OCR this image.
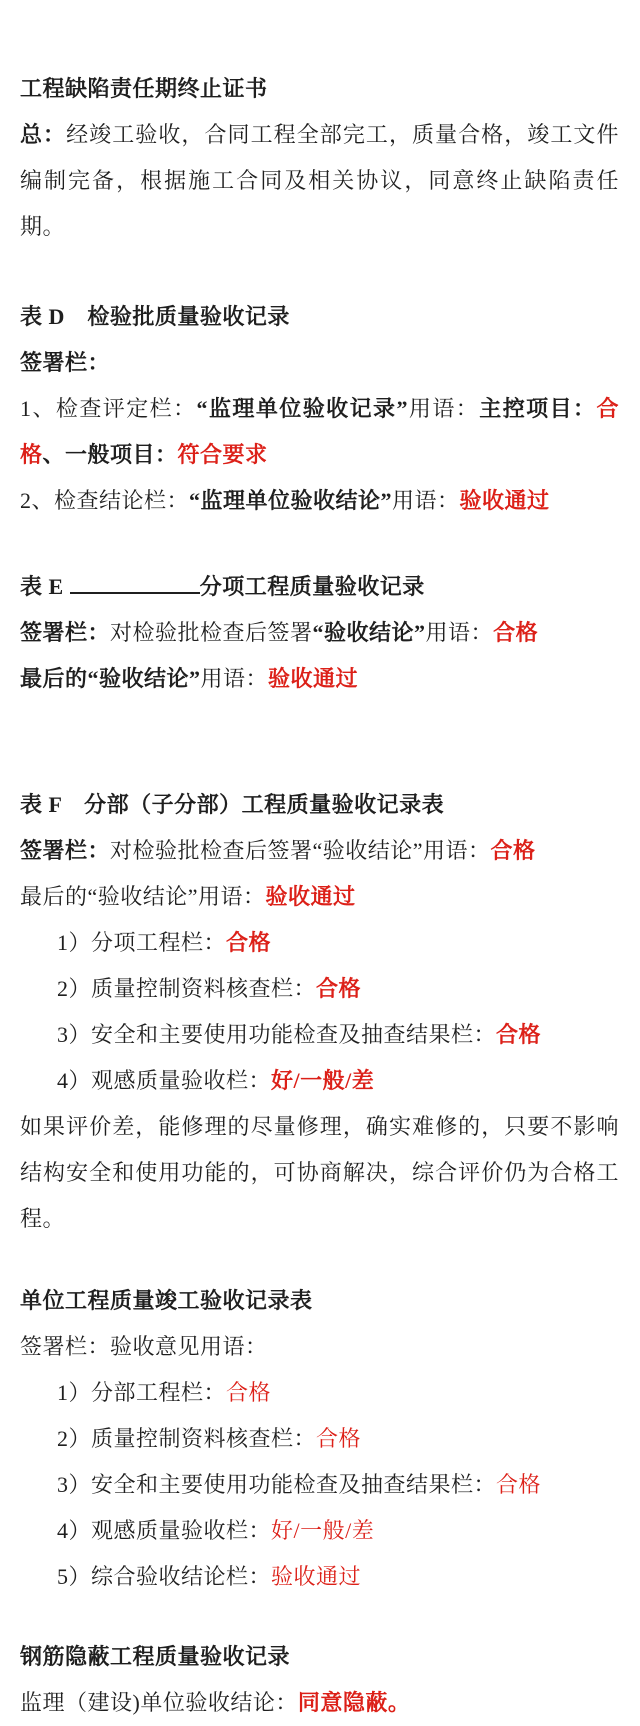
工程缺陷责任期终止证书
总：经竣工验收，合同工程全部完工，质量合格，竣工文件编制完备，根据施工合同及相关协议，同意终止缺陷责任期。
表 D　检验批质量验收记录
签署栏：
1、检查评定栏：“监理单位验收记录”用语：主控项目：合格、一般项目：符合要求
2、检查结论栏：“监理单位验收结论”用语：验收通过
表 E	分项工程质量验收记录
签署栏：对检验批检查后签署“验收结论”用语：合格
最后的“验收结论”用语：验收通过
表 F　分部（子分部）工程质量验收记录表
签署栏：对检验批检查后签署“验收结论”用语：合格
最后的“验收结论”用语：验收通过
1）分项工程栏：合格
2）质量控制资料核查栏：合格
3）安全和主要使用功能检查及抽查结果栏：合格
4）观感质量验收栏：好/一般/差
如果评价差，能修理的尽量修理，确实难修的，只要不影响结构安全和使用功能的，可协商解决，综合评价仍为合格工程。
单位工程质量竣工验收记录表
签署栏：验收意见用语：
1）分部工程栏：合格
2）质量控制资料核查栏：合格
3）安全和主要使用功能检查及抽查结果栏：合格
4）观感质量验收栏：好/一般/差
5）综合验收结论栏：验收通过
钢筋隐蔽工程质量验收记录
监理（建设)单位验收结论：同意隐蔽。
